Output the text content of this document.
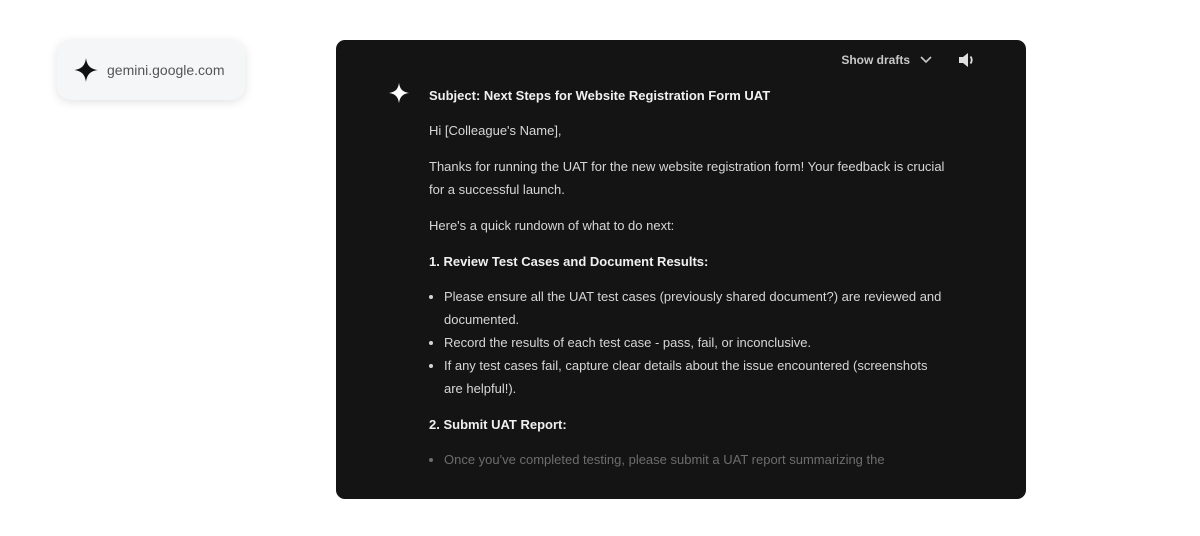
gemini.google.com
Show drafts

Subject: Next Steps for Website Registration Form UAT

Hi [Colleague's Name],

Thanks for running the UAT for the new website registration form! Your feedback is crucial for a successful launch.

Here's a quick rundown of what to do next:

1. Review Test Cases and Document Results:

• Please ensure all the UAT test cases (previously shared document?) are reviewed and documented.
• Record the results of each test case - pass, fail, or inconclusive.
• If any test cases fail, capture clear details about the issue encountered (screenshots are helpful!).

2. Submit UAT Report:

• Once you've completed testing, please submit a UAT report summarizing the
